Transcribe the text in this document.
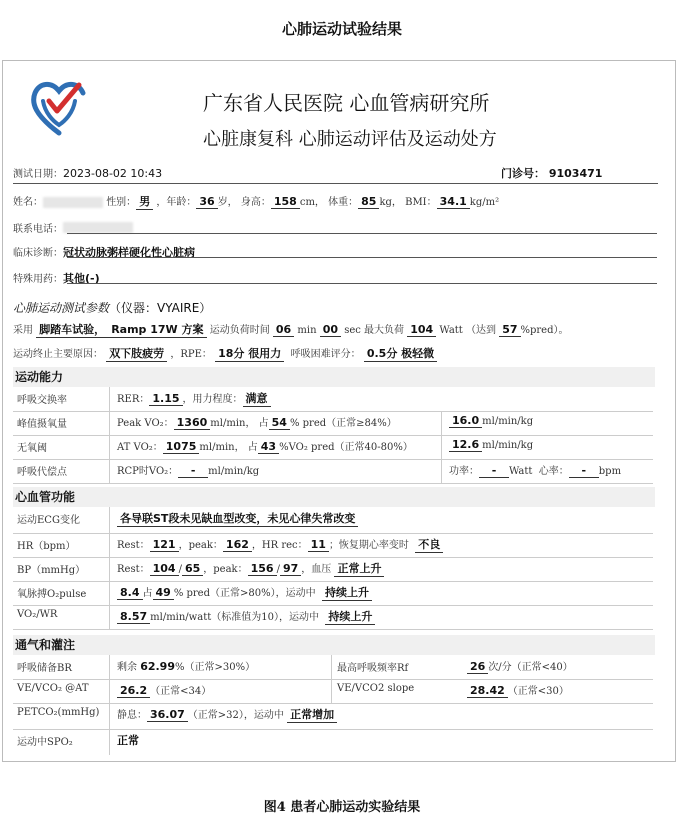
心肺运动试验结果
广东省人民医院 心血管病研究所
心脏康复科 心肺运动评估及运动处方
测试日期：2023-08-02 10:43	门诊号： 9103471
姓名：	性别： 男 ，年龄： 36 岁， 身高： 158 cm， 体重： 85 kg， BMI： 34.1 kg/m²
联系电话：
临床诊断：冠状动脉粥样硬化性心脏病
特殊用药：其他(-)
心肺运动测试参数（仪器：VYAIRE）
采用 脚踏车试验， Ramp 17W 方案 运动负荷时间 06 min 00 sec 最大负荷 104 Watt （达到 57 %pred）。
运动终止主要原因： 双下肢疲劳 ，RPE： 18分 很用力 呼吸困难评分： 0.5分 极轻微
运动能力
呼吸交换率	RER： 1.15 ，用力程度： 满意
峰值摄氧量	Peak VO₂： 1360 ml/min， 占 54 % pred（正常≥84%）	16.0 ml/min/kg
无氧阈	AT VO₂： 1075 ml/min， 占 43 %VO₂ pred（正常40-80%）	12.6 ml/min/kg
呼吸代偿点	RCP时VO₂： - ml/min/kg	功率： - Watt 心率： - bpm
心血管功能
运动ECG变化	各导联ST段未见缺血型改变，未见心律失常改变
HR（bpm）	Rest： 121 ，peak： 162 ，HR rec： 11 ；恢复期心率变时 不良
BP（mmHg）	Rest： 104 / 65 ，peak： 156 / 97 ，血压 正常上升
氧脉搏O₂pulse	8.4 占 49 % pred（正常>80%），运动中 持续上升
VO₂/WR	8.57 ml/min/watt（标准值为10），运动中 持续上升
通气和灌注
呼吸储备BR	剩余 62.99%（正常>30%）	最高呼吸频率Rf	26 次/分（正常<40）
VE/VCO₂ @AT	26.2 （正常<34）	VE/VCO2 slope	28.42 （正常<30）
PETCO₂(mmHg) 静息： 36.07 （正常>32），运动中 正常增加
运动中SPO₂	正常
图4 患者心肺运动实验结果
